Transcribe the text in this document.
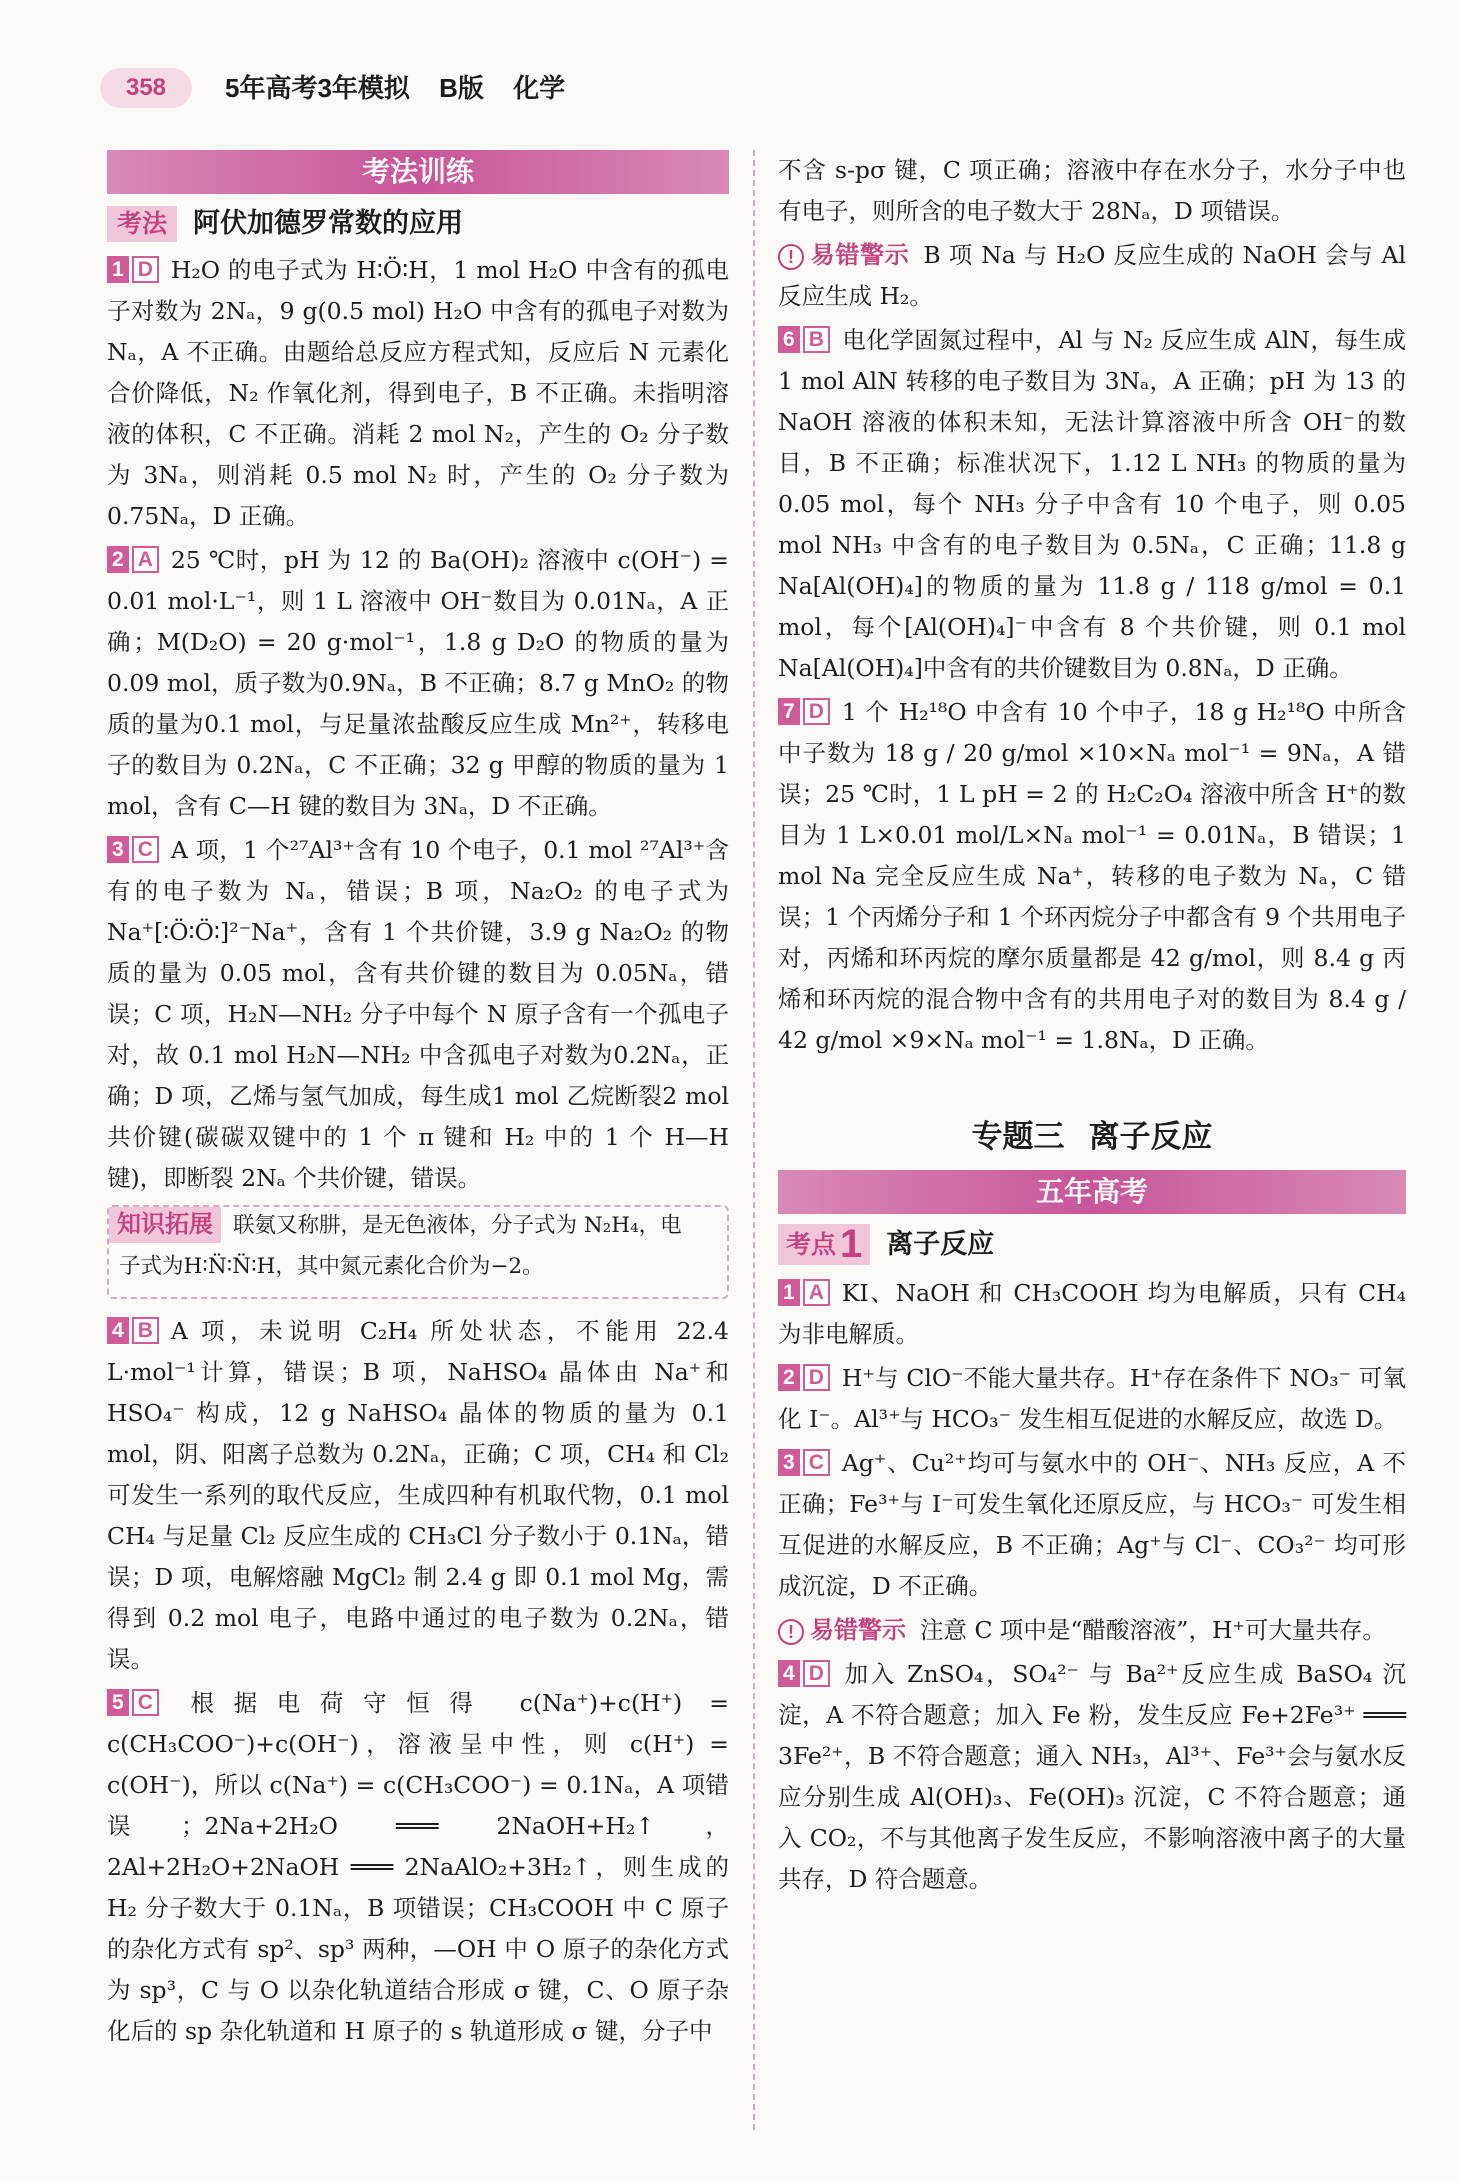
358	5年高考3年模拟 B版 化学
考法训练
考法 阿伏加德罗常数的应用

1 D H₂O 的电子式为 H∶Ö∶H，1 mol H₂O 中含有的孤电子对数为 2Nₐ，9 g(0.5 mol) H₂O 中含有的孤电子对数为 Nₐ，A 不正确。由题给总反应方程式知，反应后 N 元素化合价降低，N₂ 作氧化剂，得到电子，B 不正确。未指明溶液的体积，C 不正确。消耗 2 mol N₂，产生的 O₂ 分子数为 3Nₐ，则消耗 0.5 mol N₂ 时，产生的 O₂ 分子数为 0.75Nₐ，D 正确。

2 A 25 ℃时，pH 为 12 的 Ba(OH)₂ 溶液中 c(OH⁻) = 0.01 mol·L⁻¹，则 1 L 溶液中 OH⁻数目为 0.01Nₐ，A 正确；M(D₂O) = 20 g·mol⁻¹，1.8 g D₂O 的物质的量为 0.09 mol，质子数为0.9Nₐ，B 不正确；8.7 g MnO₂ 的物质的量为0.1 mol，与足量浓盐酸反应生成 Mn²⁺，转移电子的数目为 0.2Nₐ，C 不正确；32 g 甲醇的物质的量为 1 mol，含有 C—H 键的数目为 3Nₐ，D 不正确。

3 C A 项，1 个²⁷Al³⁺含有 10 个电子，0.1 mol ²⁷Al³⁺含有的电子数为 Nₐ，错误；B 项，Na₂O₂ 的电子式为 Na⁺[∶Ö∶Ö∶]²⁻Na⁺，含有 1 个共价键，3.9 g Na₂O₂ 的物质的量为 0.05 mol，含有共价键的数目为 0.05Nₐ，错误；C 项，H₂N—NH₂ 分子中每个 N 原子含有一个孤电子对，故 0.1 mol H₂N—NH₂ 中含孤电子对数为0.2Nₐ，正确；D 项，乙烯与氢气加成，每生成1 mol 乙烷断裂2 mol 共价键(碳碳双键中的 1 个 π 键和 H₂ 中的 1 个 H—H 键)，即断裂 2Nₐ 个共价键，错误。

知识拓展 联氨又称肼，是无色液体，分子式为 N₂H₄，电

子式为H∶N̈∶N̈∶H，其中氮元素化合价为−2。

4 B A 项，未说明 C₂H₄ 所处状态，不能用 22.4 L·mol⁻¹计算，错误；B 项，NaHSO₄ 晶体由 Na⁺和 HSO₄⁻ 构成，12 g NaHSO₄ 晶体的物质的量为 0.1 mol，阴、阳离子总数为 0.2Nₐ，正确；C 项，CH₄ 和 Cl₂ 可发生一系列的取代反应，生成四种有机取代物，0.1 mol CH₄ 与足量 Cl₂ 反应生成的 CH₃Cl 分子数小于 0.1Nₐ，错误；D 项，电解熔融 MgCl₂ 制 2.4 g 即 0.1 mol Mg，需得到 0.2 mol 电子，电路中通过的电子数为 0.2Nₐ，错误。

5 C 根据电荷守恒得 c(Na⁺)+c(H⁺) = c(CH₃COO⁻)+c(OH⁻)，溶液呈中性，则 c(H⁺) = c(OH⁻)，所以 c(Na⁺) = c(CH₃COO⁻) = 0.1Nₐ，A 项错误；2Na+2H₂O ═══ 2NaOH+H₂↑，2Al+2H₂O+2NaOH ═══ 2NaAlO₂+3H₂↑，则生成的 H₂ 分子数大于 0.1Nₐ，B 项错误；CH₃COOH 中 C 原子的杂化方式有 sp²、sp³ 两种，—OH 中 O 原子的杂化方式为 sp³，C 与 O 以杂化轨道结合形成 σ 键，C、O 原子杂化后的 sp 杂化轨道和 H 原子的 s 轨道形成 σ 键，分子中

不含 s-pσ 键，C 项正确；溶液中存在水分子，水分子中也有电子，则所含的电子数大于 28Nₐ，D 项错误。

! 易错警示 B 项 Na 与 H₂O 反应生成的 NaOH 会与 Al 反应生成 H₂。

6 B 电化学固氮过程中，Al 与 N₂ 反应生成 AlN，每生成1 mol AlN 转移的电子数目为 3Nₐ，A 正确；pH 为 13 的 NaOH 溶液的体积未知，无法计算溶液中所含 OH⁻的数目，B 不正确；标准状况下，1.12 L NH₃ 的物质的量为0.05 mol，每个 NH₃ 分子中含有 10 个电子，则 0.05 mol NH₃ 中含有的电子数目为 0.5Nₐ，C 正确；11.8 g Na[Al(OH)₄]的物质的量为 11.8 g / 118 g/mol = 0.1 mol，每个[Al(OH)₄]⁻中含有 8 个共价键，则 0.1 mol Na[Al(OH)₄]中含有的共价键数目为 0.8Nₐ，D 正确。

7 D 1 个 H₂¹⁸O 中含有 10 个中子，18 g H₂¹⁸O 中所含中子数为 18 g / 20 g/mol ×10×Nₐ mol⁻¹ = 9Nₐ，A 错误；25 ℃时，1 L pH = 2 的 H₂C₂O₄ 溶液中所含 H⁺的数目为 1 L×0.01 mol/L×Nₐ mol⁻¹ = 0.01Nₐ，B 错误；1 mol Na 完全反应生成 Na⁺，转移的电子数为 Nₐ，C 错误；1 个丙烯分子和 1 个环丙烷分子中都含有 9 个共用电子对，丙烯和环丙烷的摩尔质量都是 42 g/mol，则 8.4 g 丙烯和环丙烷的混合物中含有的共用电子对的数目为 8.4 g / 42 g/mol ×9×Nₐ mol⁻¹ = 1.8Nₐ，D 正确。

专题三 离子反应
五年高考
考点 1 离子反应

1 A KI、NaOH 和 CH₃COOH 均为电解质，只有 CH₄ 为非电解质。

2 D H⁺与 ClO⁻不能大量共存。H⁺存在条件下 NO₃⁻ 可氧化 I⁻。Al³⁺与 HCO₃⁻ 发生相互促进的水解反应，故选 D。

3 C Ag⁺、Cu²⁺均可与氨水中的 OH⁻、NH₃ 反应，A 不正确；Fe³⁺与 I⁻可发生氧化还原反应，与 HCO₃⁻ 可发生相互促进的水解反应，B 不正确；Ag⁺与 Cl⁻、CO₃²⁻ 均可形成沉淀，D 不正确。

! 易错警示 注意 C 项中是“醋酸溶液”，H⁺可大量共存。

4 D 加入 ZnSO₄，SO₄²⁻ 与 Ba²⁺反应生成 BaSO₄ 沉淀，A 不符合题意；加入 Fe 粉，发生反应 Fe+2Fe³⁺ ═══ 3Fe²⁺，B 不符合题意；通入 NH₃，Al³⁺、Fe³⁺会与氨水反应分别生成 Al(OH)₃、Fe(OH)₃ 沉淀，C 不符合题意；通入 CO₂，不与其他离子发生反应，不影响溶液中离子的大量共存，D 符合题意。
